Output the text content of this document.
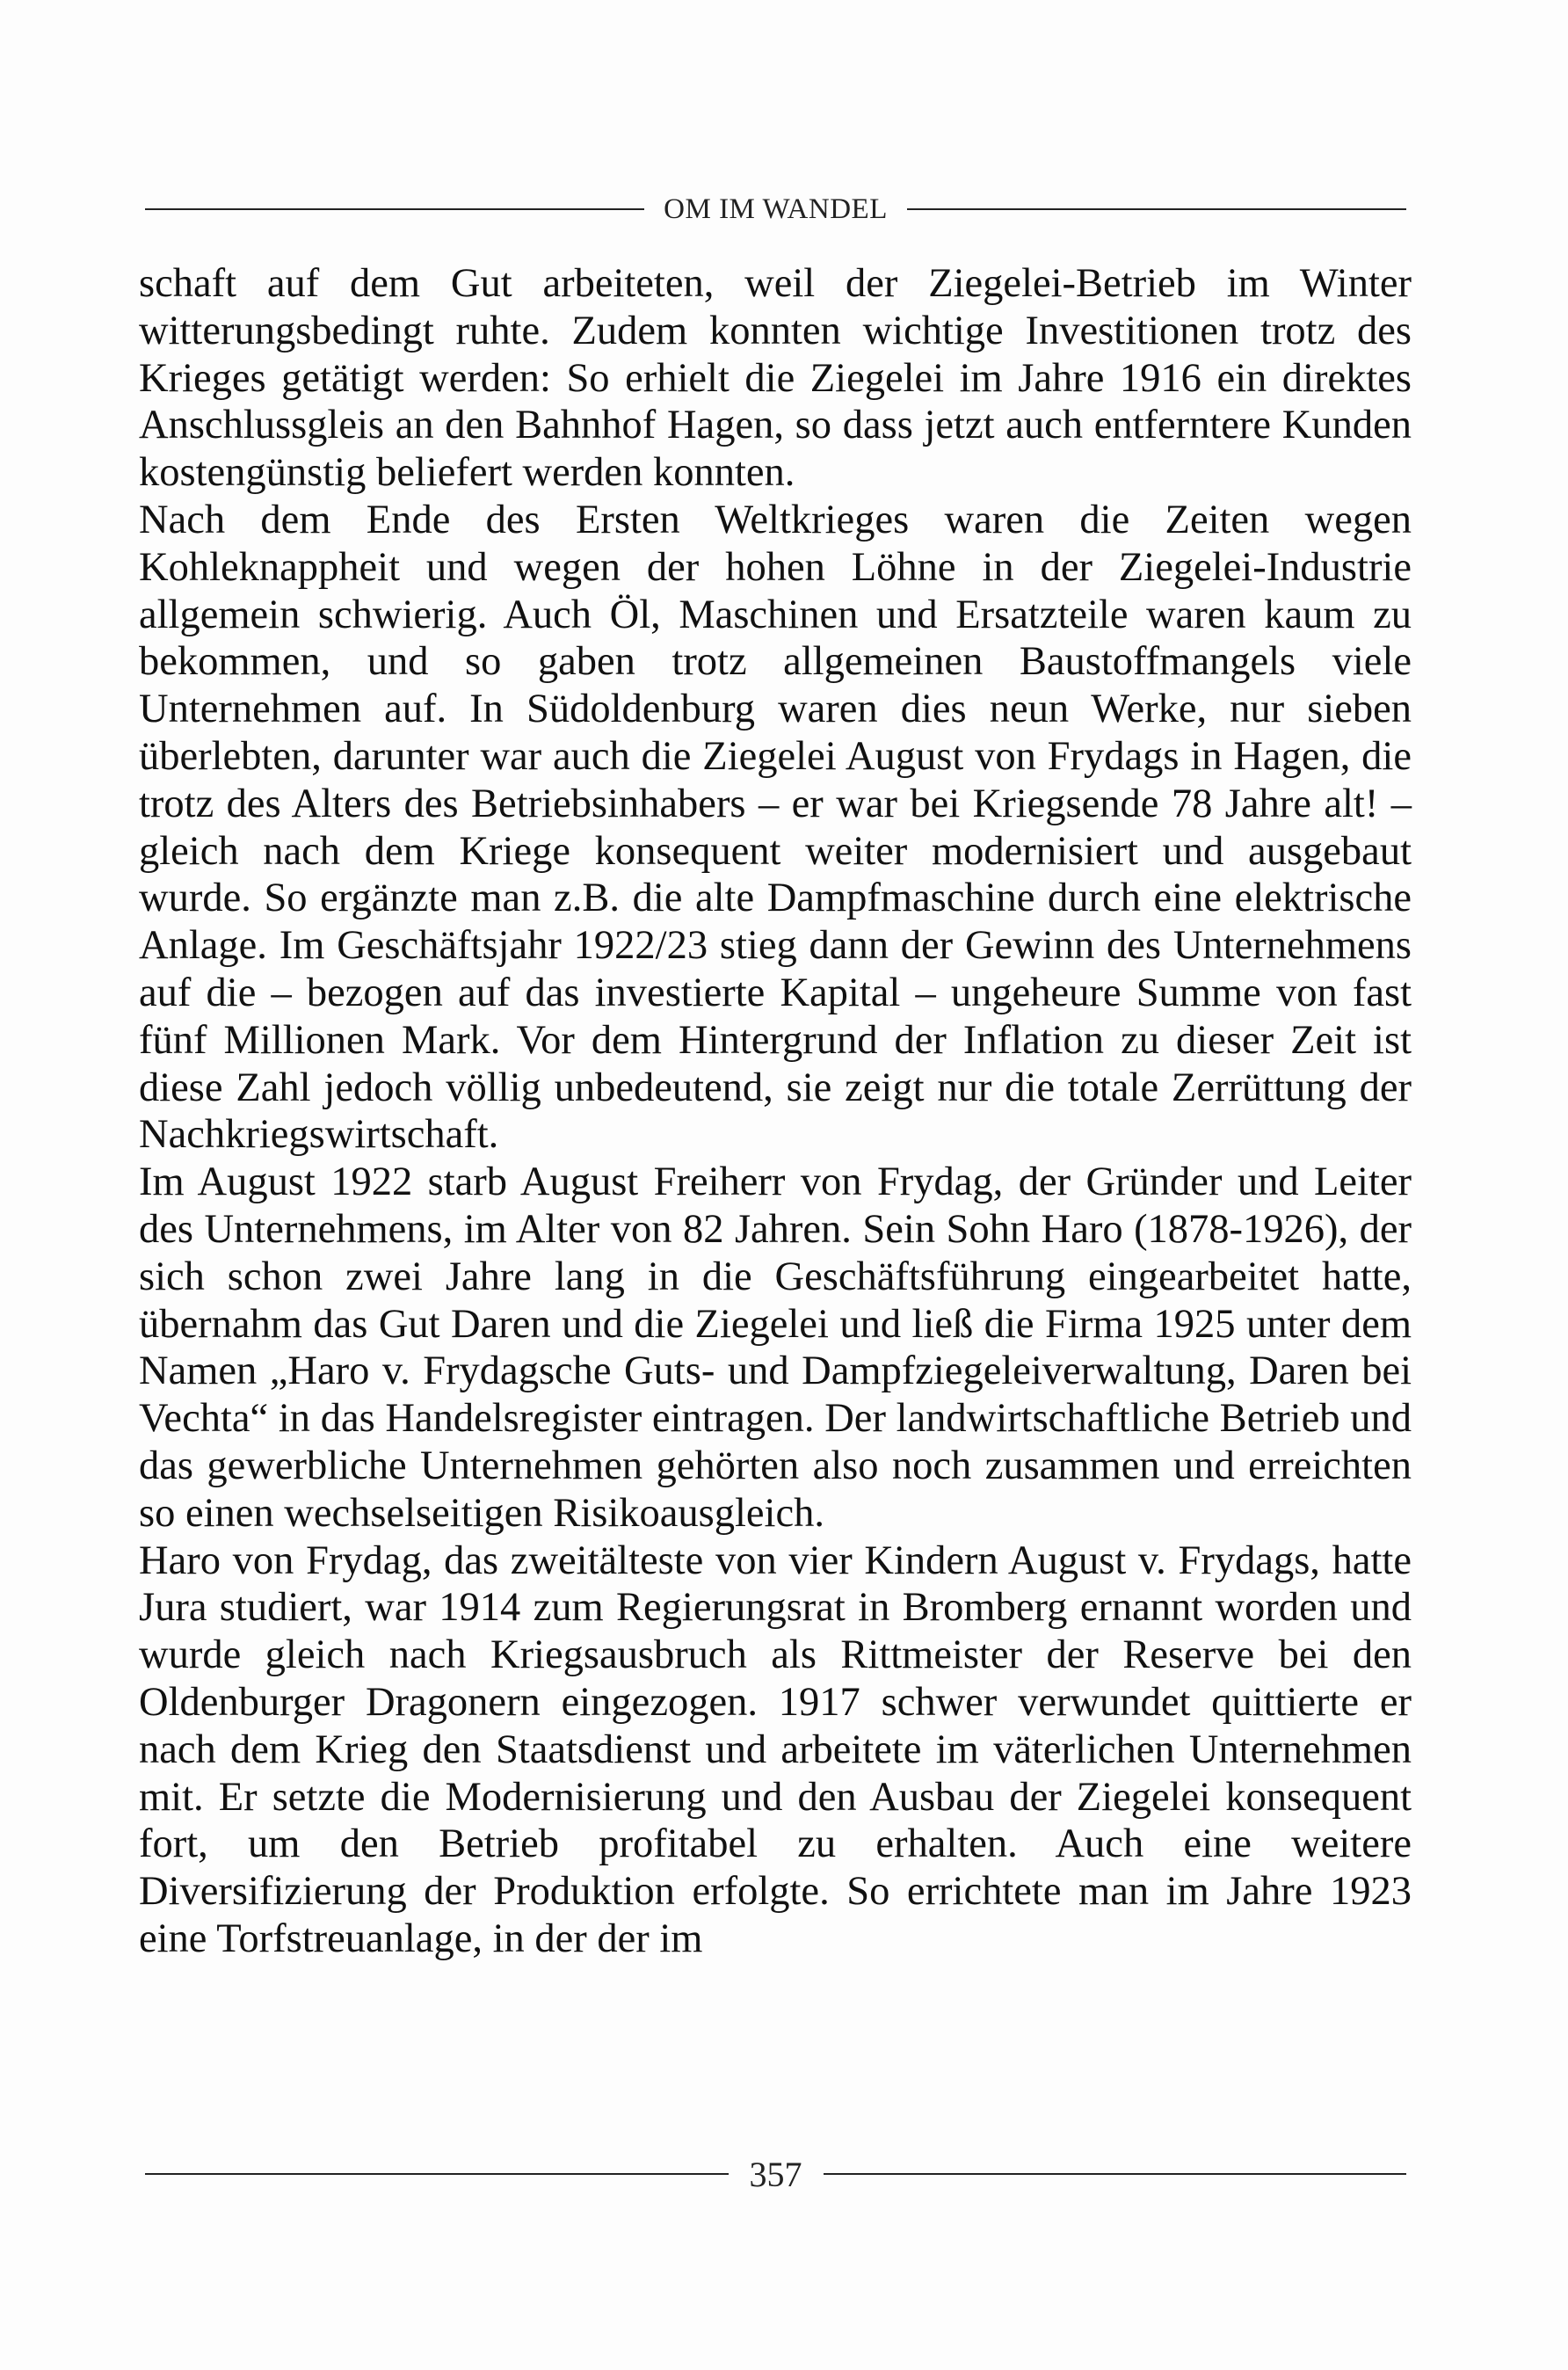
OM IM WANDEL

schaft auf dem Gut arbeiteten, weil der Ziegelei-Betrieb im Winter witterungsbedingt ruhte. Zudem konnten wichtige Investitionen trotz des Krieges getätigt werden: So erhielt die Ziegelei im Jahre 1916 ein direktes Anschlussgleis an den Bahnhof Hagen, so dass jetzt auch entferntere Kunden kostengünstig beliefert werden konnten.

Nach dem Ende des Ersten Weltkrieges waren die Zeiten wegen Kohleknappheit und wegen der hohen Löhne in der Ziegelei-Industrie allgemein schwierig. Auch Öl, Maschinen und Ersatzteile waren kaum zu bekommen, und so gaben trotz allgemeinen Baustoffmangels viele Unternehmen auf. In Südoldenburg waren dies neun Werke, nur sieben überlebten, darunter war auch die Ziegelei August von Frydags in Hagen, die trotz des Alters des Betriebsinhabers – er war bei Kriegsende 78 Jahre alt! – gleich nach dem Kriege konsequent weiter modernisiert und ausgebaut wurde. So ergänzte man z.B. die alte Dampfmaschine durch eine elektrische Anlage. Im Geschäftsjahr 1922/23 stieg dann der Gewinn des Unternehmens auf die – bezogen auf das investierte Kapital – ungeheure Summe von fast fünf Millionen Mark. Vor dem Hintergrund der Inflation zu dieser Zeit ist diese Zahl jedoch völlig unbedeutend, sie zeigt nur die totale Zerrüttung der Nachkriegswirtschaft.

Im August 1922 starb August Freiherr von Frydag, der Gründer und Leiter des Unternehmens, im Alter von 82 Jahren. Sein Sohn Haro (1878-1926), der sich schon zwei Jahre lang in die Geschäftsführung eingearbeitet hatte, übernahm das Gut Daren und die Ziegelei und ließ die Firma 1925 unter dem Namen „Haro v. Frydagsche Guts- und Dampfziegeleiverwaltung, Daren bei Vechta“ in das Handelsregister eintragen. Der landwirtschaftliche Betrieb und das gewerbliche Unternehmen gehörten also noch zusammen und erreichten so einen wechselseitigen Risikoausgleich.

Haro von Frydag, das zweitälteste von vier Kindern August v. Frydags, hatte Jura studiert, war 1914 zum Regierungsrat in Bromberg ernannt worden und wurde gleich nach Kriegsausbruch als Rittmeister der Reserve bei den Oldenburger Dragonern eingezogen. 1917 schwer verwundet quittierte er nach dem Krieg den Staatsdienst und arbeitete im väterlichen Unternehmen mit. Er setzte die Modernisierung und den Ausbau der Ziegelei konsequent fort, um den Betrieb profitabel zu erhalten. Auch eine weitere Diversifizierung der Produktion erfolgte. So errichtete man im Jahre 1923 eine Torfstreuanlage, in der der im

357
